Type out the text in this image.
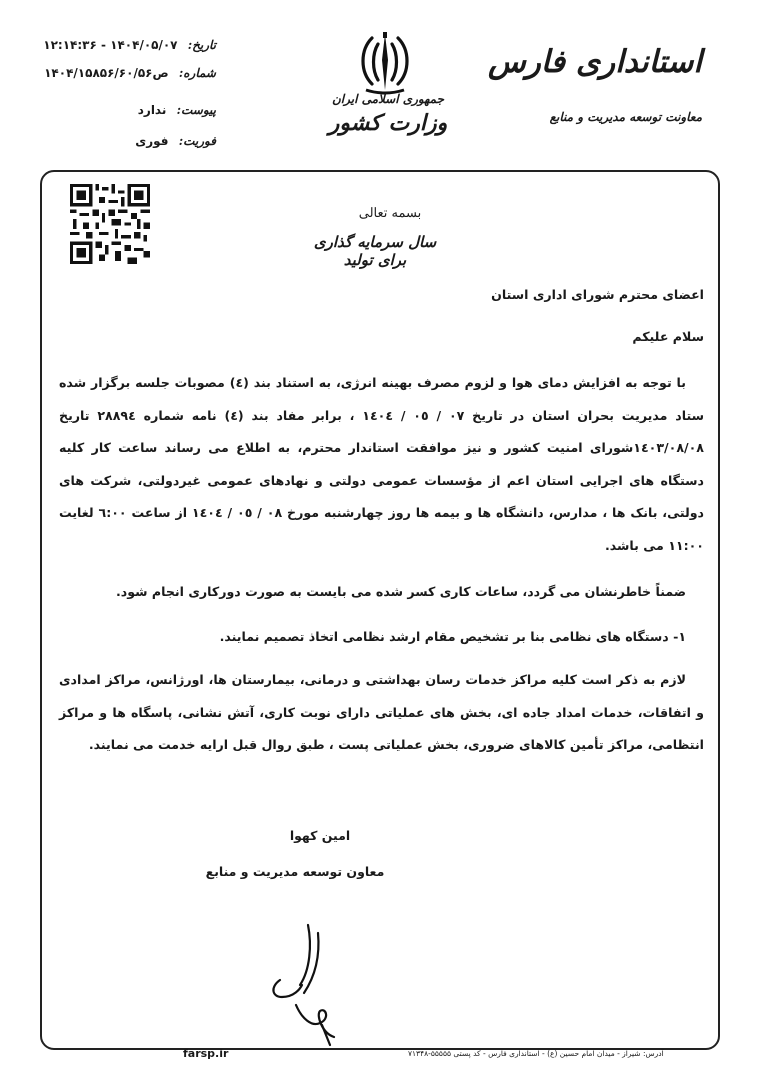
تاریخ: ۱۴۰۴/۰۵/۰۷ - ۱۲:۱۴:۳۶
شماره: ص۱۴۰۴/۱۵۸۵۶/۶۰/۵۶
پیوست: ندارد
فوریت: فوری
جمهوری اسلامی ایران
وزارت کشور
استانداری فارس
معاونت توسعه مدیریت و منابع
بسمه تعالی
سال سرمایه گذاری برای تولید
اعضای محترم شورای اداری استان
سلام علیکم
با توجه به افزایش دمای هوا و لزوم مصرف بهینه انرژی، به استناد بند (٤) مصوبات جلسه برگزار شده ستاد مدیریت بحران استان در تاریخ ٠٧ / ٠٥ / ١٤٠٤ ، برابر مفاد بند (٤) نامه شماره ٢٨٨٩٤ تاریخ ١٤٠٣/٠٨/٠٨شورای امنیت کشور و نیز موافقت استاندار محترم، به اطلاع می رساند ساعت کار کلیه دستگاه های اجرایی استان اعم از مؤسسات عمومی دولتی و نهادهای عمومی غیردولتی، شرکت های دولتی، بانک ها ، مدارس، دانشگاه ها و بیمه ها روز چهارشنبه مورخ ٠٨ / ٠٥ / ١٤٠٤ از ساعت ٦:٠٠ لغایت ١١:٠٠ می باشد.
ضمناً خاطرنشان می گردد، ساعات کاری کسر شده می بایست به صورت دورکاری انجام شود.
١- دستگاه های نظامی بنا بر تشخیص مقام ارشد نظامی اتخاذ تصمیم نمایند.
لازم به ذکر است کلیه مراکز خدمات رسان بهداشتی و درمانی، بیمارستان ها، اورژانس، مراکز امدادی و اتفاقات، خدمات امداد جاده ای، بخش های عملیاتی دارای نوبت کاری، آتش نشانی، پاسگاه ها و مراکز انتظامی، مراکز تأمین کالاهای ضروری، بخش عملیاتی پست ، طبق روال قبل ارایه خدمت می نمایند.
امین کهوا
معاون توسعه مدیریت و منابع
farsp.ir	آدرس: شیراز - میدان امام حسین (ع) - استانداری فارس - کد پستی ۵۵۵۵۵-۷۱۳۴۸
